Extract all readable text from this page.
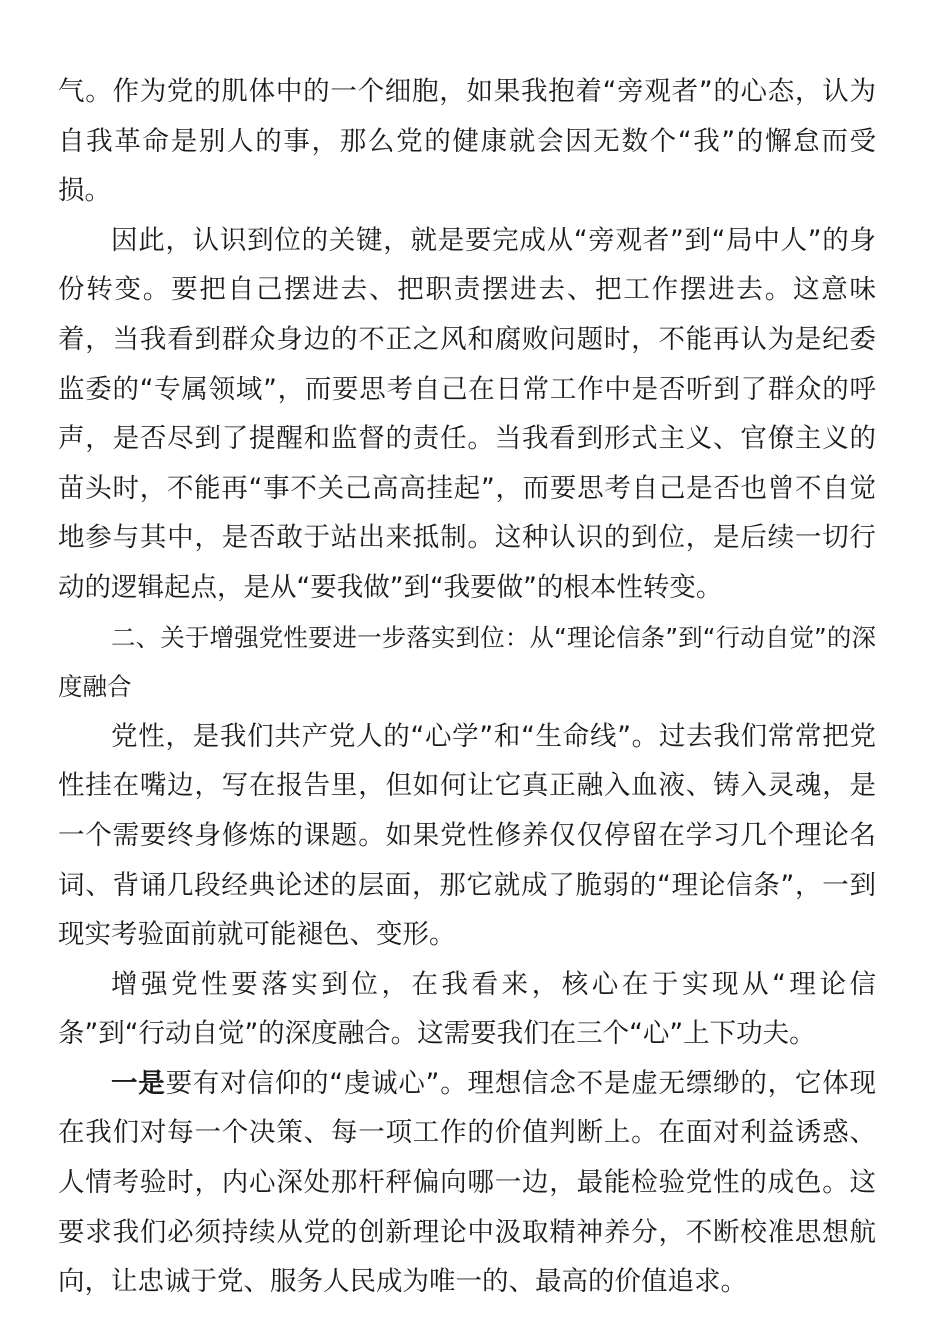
气。作为党的肌体中的一个细胞，如果我抱着“旁观者”的心态，认为自我革命是别人的事，那么党的健康就会因无数个“我”的懈怠而受损。

因此，认识到位的关键，就是要完成从“旁观者”到“局中人”的身份转变。要把自己摆进去、把职责摆进去、把工作摆进去。这意味着，当我看到群众身边的不正之风和腐败问题时，不能再认为是纪委监委的“专属领域”，而要思考自己在日常工作中是否听到了群众的呼声，是否尽到了提醒和监督的责任。当我看到形式主义、官僚主义的苗头时，不能再“事不关己高高挂起”，而要思考自己是否也曾不自觉地参与其中，是否敢于站出来抵制。这种认识的到位，是后续一切行动的逻辑起点，是从“要我做”到“我要做”的根本性转变。

二、关于增强党性要进一步落实到位：从“理论信条”到“行动自觉”的深度融合

党性，是我们共产党人的“心学”和“生命线”。过去我们常常把党性挂在嘴边，写在报告里，但如何让它真正融入血液、铸入灵魂，是一个需要终身修炼的课题。如果党性修养仅仅停留在学习几个理论名词、背诵几段经典论述的层面，那它就成了脆弱的“理论信条”，一到现实考验面前就可能褪色、变形。

增强党性要落实到位，在我看来，核心在于实现从“理论信条”到“行动自觉”的深度融合。这需要我们在三个“心”上下功夫。

一是要有对信仰的“虔诚心”。理想信念不是虚无缥缈的，它体现在我们对每一个决策、每一项工作的价值判断上。在面对利益诱惑、人情考验时，内心深处那杆秤偏向哪一边，最能检验党性的成色。这要求我们必须持续从党的创新理论中汲取精神养分，不断校准思想航向，让忠诚于党、服务人民成为唯一的、最高的价值追求。
